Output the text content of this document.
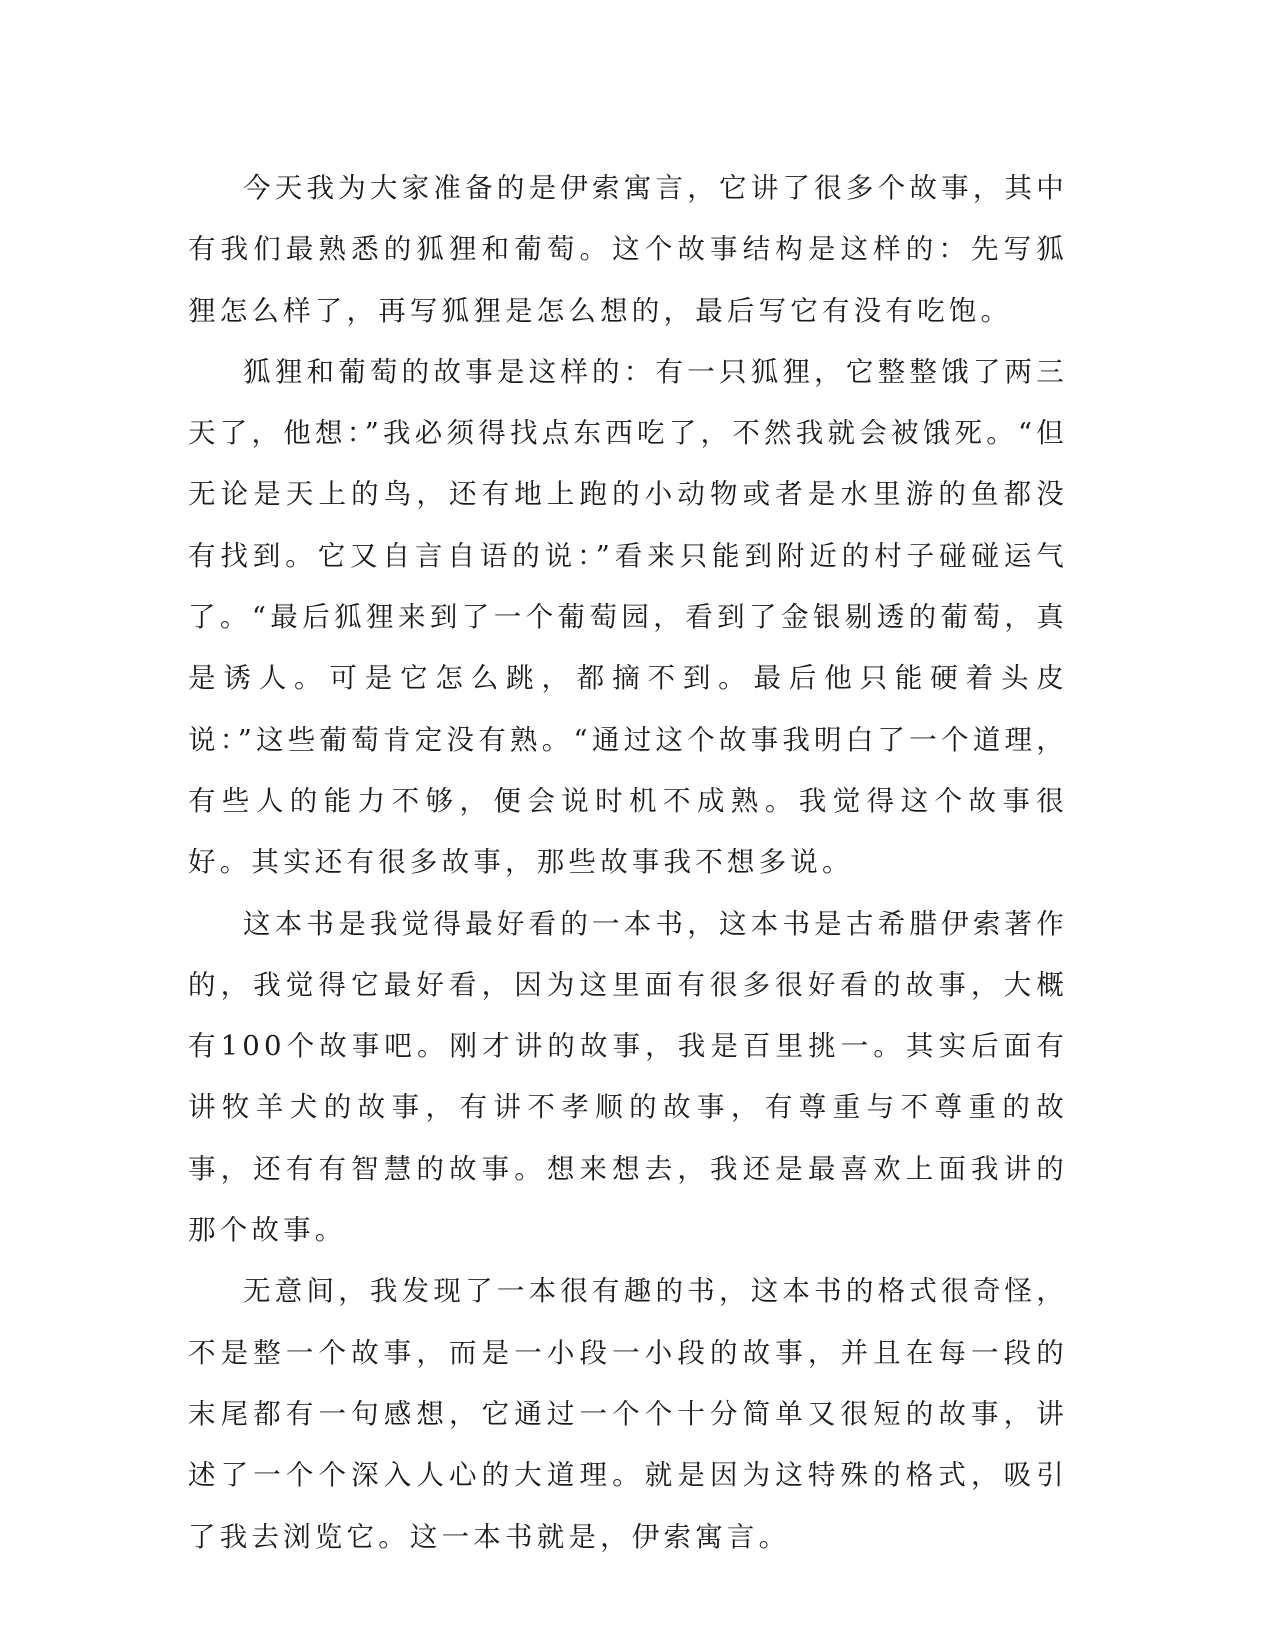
今天我为大家准备的是伊索寓言，它讲了很多个故事，其中有我们最熟悉的狐狸和葡萄。这个故事结构是这样的：先写狐狸怎么样了，再写狐狸是怎么想的，最后写它有没有吃饱。

狐狸和葡萄的故事是这样的：有一只狐狸，它整整饿了两三天了，他想：”我必须得找点东西吃了，不然我就会被饿死。“但无论是天上的鸟，还有地上跑的小动物或者是水里游的鱼都没有找到。它又自言自语的说：”看来只能到附近的村子碰碰运气了。“最后狐狸来到了一个葡萄园，看到了金银剔透的葡萄，真是诱人。可是它怎么跳，都摘不到。最后他只能硬着头皮说：”这些葡萄肯定没有熟。“通过这个故事我明白了一个道理，有些人的能力不够，便会说时机不成熟。我觉得这个故事很好。其实还有很多故事，那些故事我不想多说。

这本书是我觉得最好看的一本书，这本书是古希腊伊索著作的，我觉得它最好看，因为这里面有很多很好看的故事，大概有100个故事吧。刚才讲的故事，我是百里挑一。其实后面有讲牧羊犬的故事，有讲不孝顺的故事，有尊重与不尊重的故事，还有有智慧的故事。想来想去，我还是最喜欢上面我讲的那个故事。

无意间，我发现了一本很有趣的书，这本书的格式很奇怪，不是整一个故事，而是一小段一小段的故事，并且在每一段的末尾都有一句感想，它通过一个个十分简单又很短的故事，讲述了一个个深入人心的大道理。就是因为这特殊的格式，吸引了我去浏览它。这一本书就是，伊索寓言。
